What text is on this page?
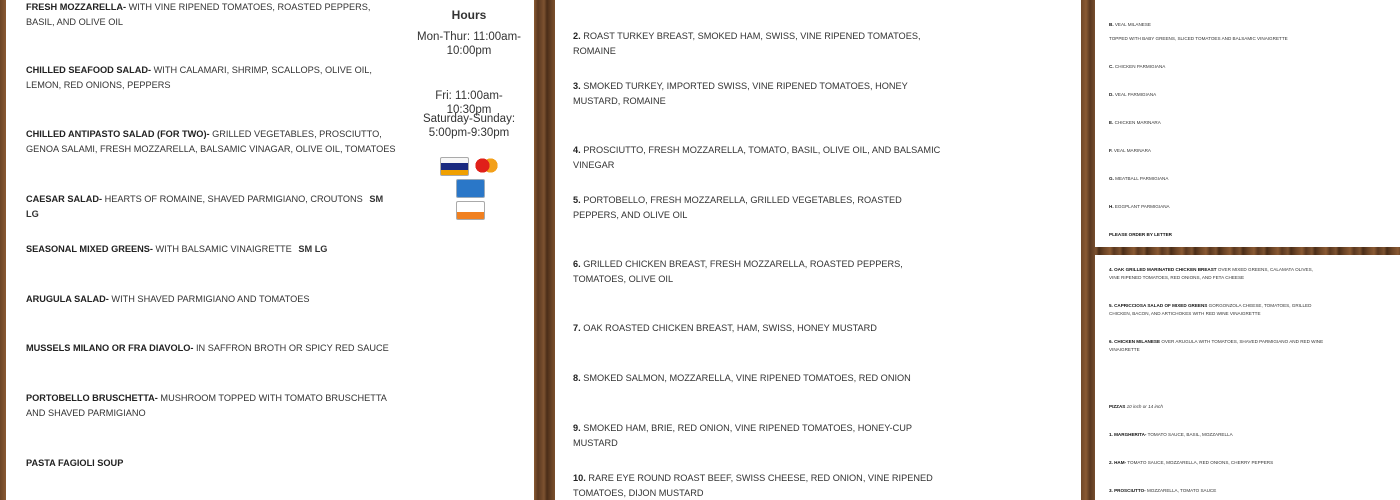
FRESH MOZZARELLA- WITH VINE RIPENED TOMATOES, ROASTED PEPPERS, BASIL, AND OLIVE OIL
CHILLED SEAFOOD SALAD- WITH CALAMARI, SHRIMP, SCALLOPS, OLIVE OIL, LEMON, RED ONIONS, PEPPERS
CHILLED ANTIPASTO SALAD (FOR TWO)- GRILLED VEGETABLES, PROSCIUTTO, GENOA SALAMI, FRESH MOZZARELLA, BALSAMIC VINAGAR, OLIVE OIL, TOMATOES
CAESAR SALAD- HEARTS OF ROMAINE, SHAVED PARMIGIANO, CROUTONS SM LG
SEASONAL MIXED GREENS- WITH BALSAMIC VINAIGRETTE SM LG
ARUGULA SALAD- WITH SHAVED PARMIGIANO AND TOMATOES
MUSSELS MILANO OR FRA DIAVOLO- IN SAFFRON BROTH OR SPICY RED SAUCE
PORTOBELLO BRUSCHETTA- MUSHROOM TOPPED WITH TOMATO BRUSCHETTA AND SHAVED PARMIGIANO
PASTA FAGIOLI SOUP
Hours
Mon-Thur: 11:00am-10:00pm
Fri: 11:00am-10:30pm
Saturday-Sunday: 5:00pm-9:30pm

2. ROAST TURKEY BREAST, SMOKED HAM, SWISS, VINE RIPENED TOMATOES, ROMAINE
3. SMOKED TURKEY, IMPORTED SWISS, VINE RIPENED TOMATOES, HONEY MUSTARD, ROMAINE
4. PROSCIUTTO, FRESH MOZZARELLA, TOMATO, BASIL, OLIVE OIL, AND BALSAMIC VINEGAR
5. PORTOBELLO, FRESH MOZZARELLA, GRILLED VEGETABLES, ROASTED PEPPERS, AND OLIVE OIL
6. GRILLED CHICKEN BREAST, FRESH MOZZARELLA, ROASTED PEPPERS, TOMATOES, OLIVE OIL
7. OAK ROASTED CHICKEN BREAST, HAM, SWISS, HONEY MUSTARD
8. SMOKED SALMON, MOZZARELLA, VINE RIPENED TOMATOES, RED ONION
9. SMOKED HAM, BRIE, RED ONION, VINE RIPENED TOMATOES, HONEY-CUP MUSTARD
10. RARE EYE ROUND ROAST BEEF, SWISS CHEESE, RED ONION, VINE RIPENED TOMATOES, DIJON MUSTARD
B. VEAL MILANESE
TOPPED WITH BABY GREENS, SLICED TOMATOES AND BALSAMIC VINAIGRETTE
C. CHICKEN PARMIGIANA
D. VEAL PARMIGIANA
E. CHICKEN MARINARA
F. VEAL MARINARA
G. MEATBALL PARMIGIANA
H. EGGPLANT PARMIGIANA
PLEASE ORDER BY LETTER
4. OAK GRILLED MARINATED CHICKEN BREAST OVER MIXED GREENS, CALAMATA OLIVES, VINE RIPENED TOMATOES, RED ONIONS, AND FETA CHEESE
5. CAPRICCIOSA SALAD OF MIXED GREENS GORGONZOLA CHEESE, TOMATOES, GRILLED CHICKEN, BACON, AND ARTICHOKES WITH RED WINE VINAIGRETTE
6. CHICKEN MILANESE OVER ARUGULA WITH TOMATOES, SHAVED PARMIGIANO AND RED WINE VINAIGRETTE
PIZZAS 10 inch or 14 inch
1. MARGHERITA- TOMATO SAUCE, BASIL, MOZZARELLA
2. HAM- TOMATO SAUCE, MOZZARELLA, RED ONIONS, CHERRY PEPPERS
3. PROSCIUTTO- MOZZARELLA, TOMATO SAUCE
